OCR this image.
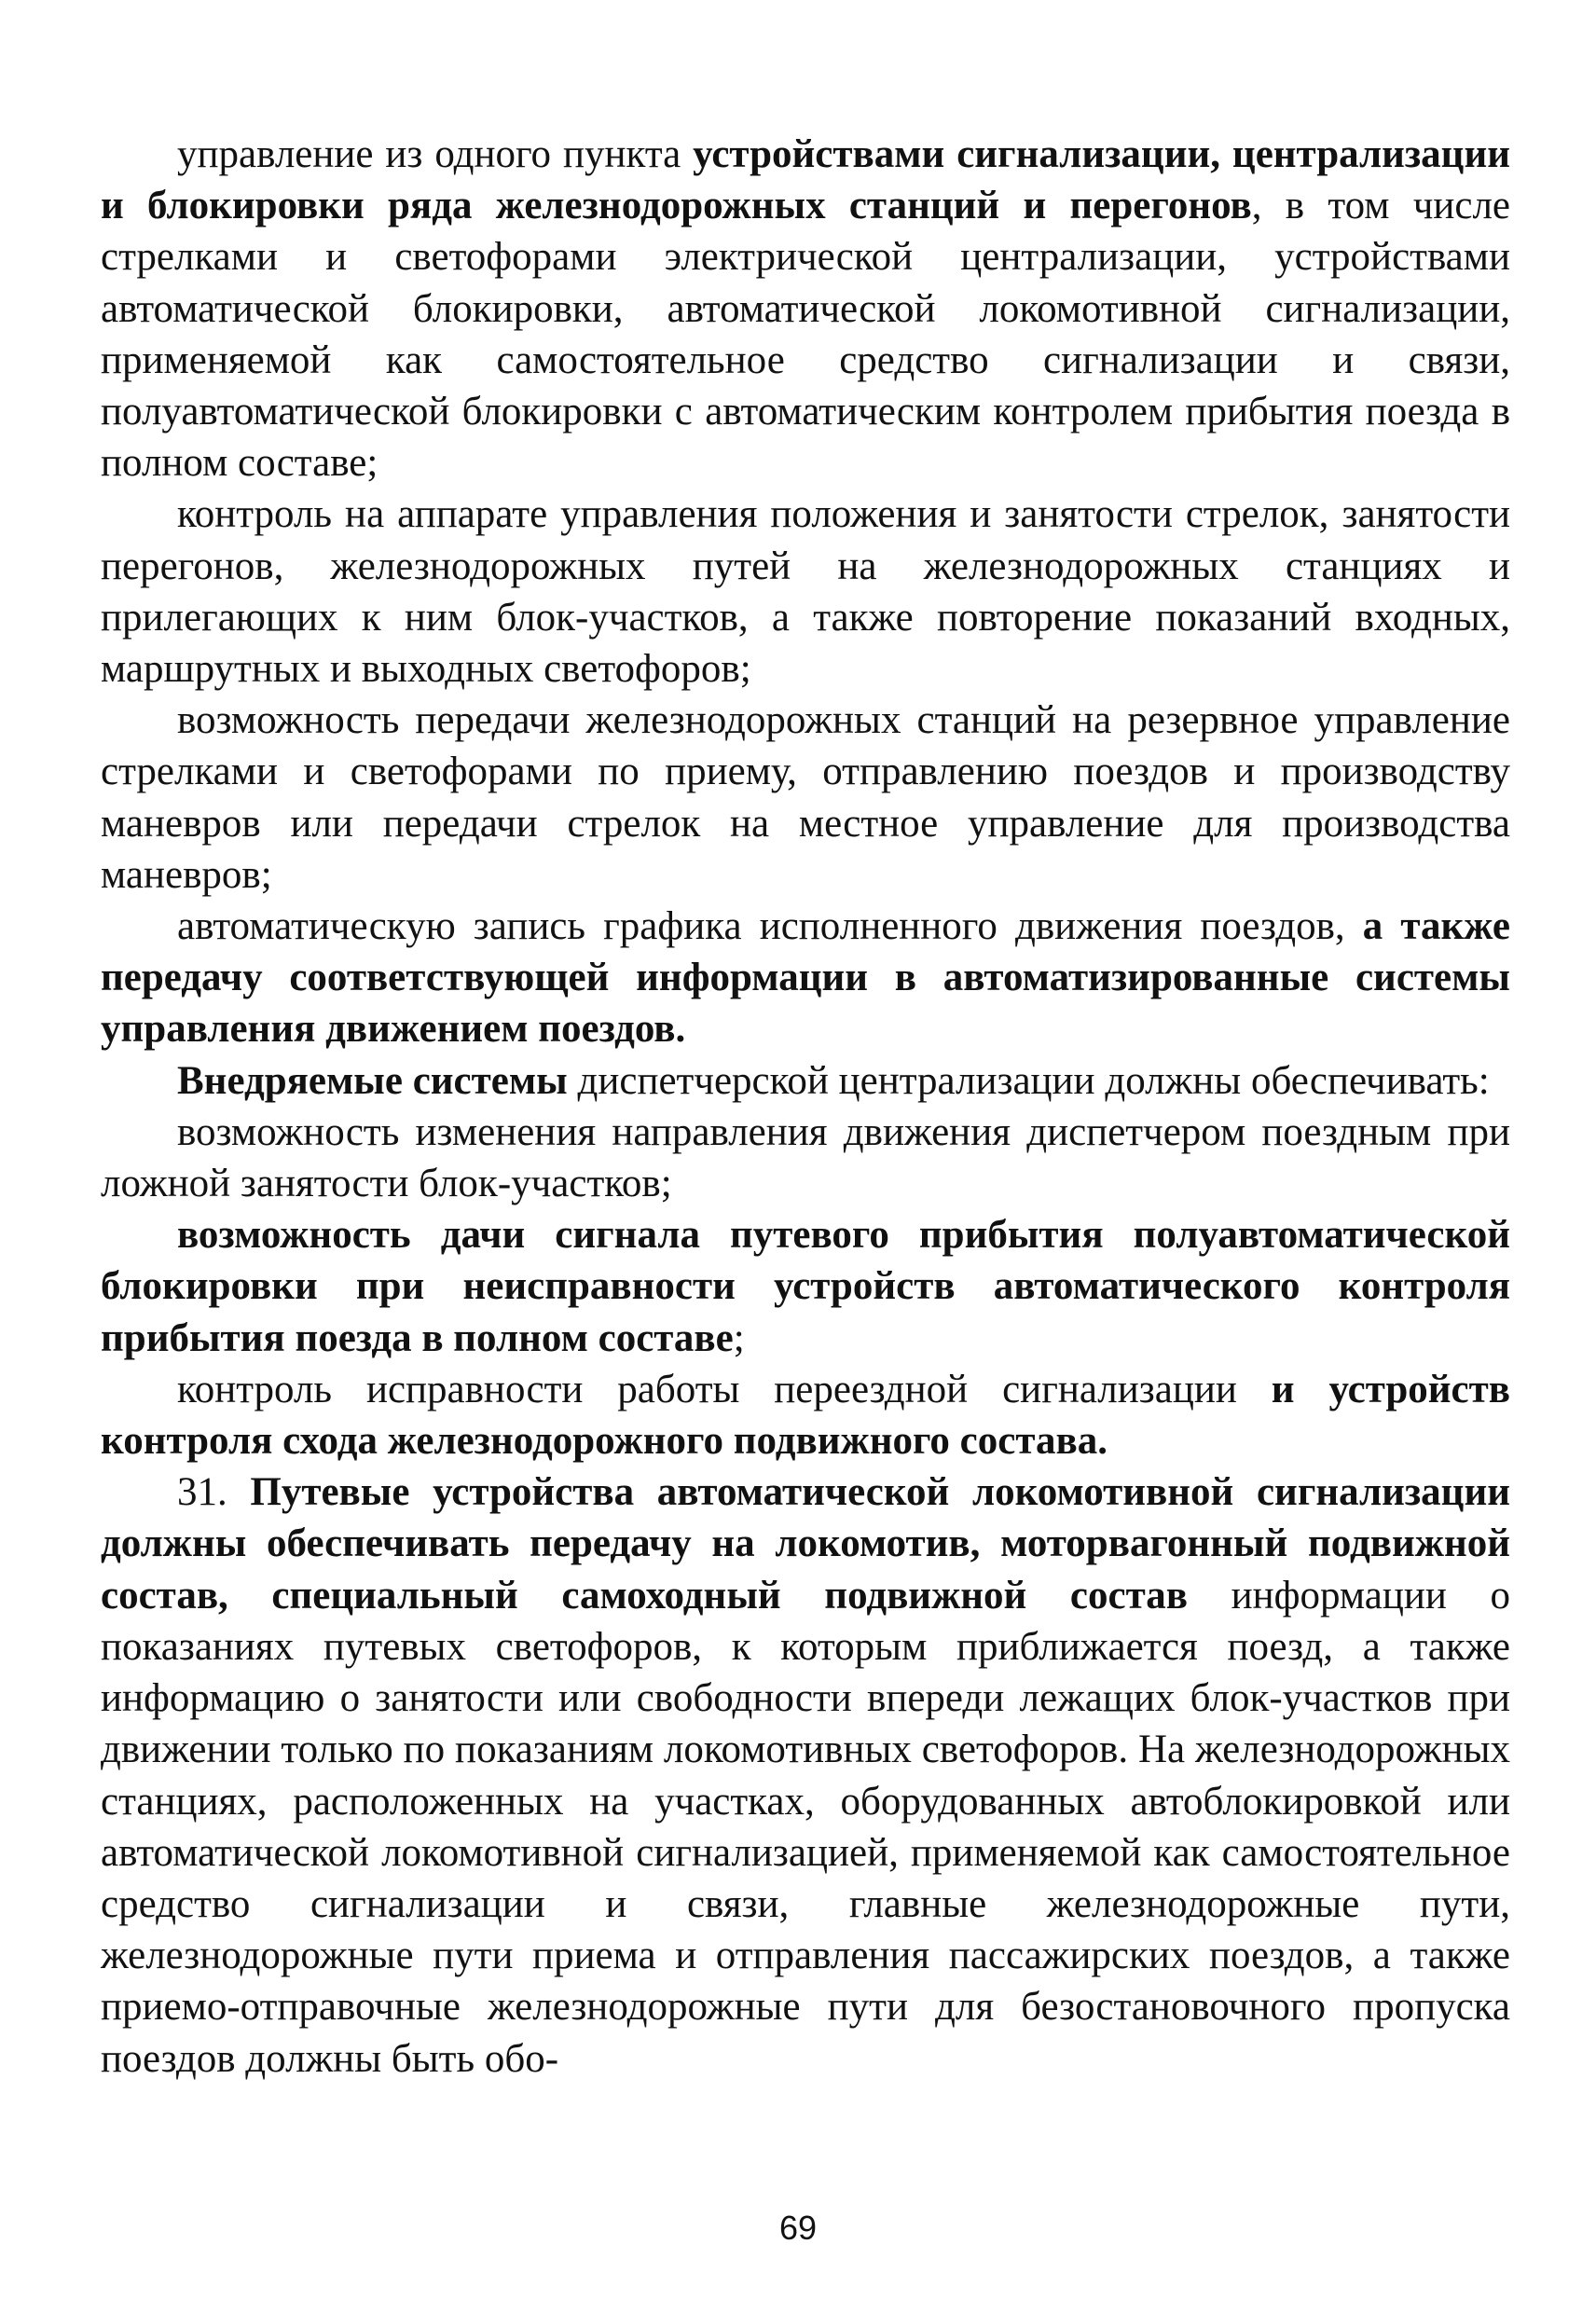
управление из одного пункта устройствами сигнализации, централизации и блокировки ряда железнодорожных станций и перегонов, в том числе стрелками и светофорами электрической централизации, устройствами автоматической блокировки, автоматической локомотивной сигнализации, применяемой как самостоятельное средство сигнализации и связи, полуавтоматической блокировки с автоматическим контролем прибытия поезда в полном составе;

контроль на аппарате управления положения и занятости стрелок, занятости перегонов, железнодорожных путей на железнодорожных станциях и прилегающих к ним блок-участков, а также повторение показаний входных, маршрутных и выходных светофоров;

возможность передачи железнодорожных станций на резервное управление стрелками и светофорами по приему, отправлению поездов и производству маневров или передачи стрелок на местное управление для производства маневров;

автоматическую запись графика исполненного движения поездов, а также передачу соответствующей информации в автоматизированные системы управления движением поездов.

Внедряемые системы диспетчерской централизации должны обеспечивать:

возможность изменения направления движения диспетчером поездным при ложной занятости блок-участков;

возможность дачи сигнала путевого прибытия полуавтоматической блокировки при неисправности устройств автоматического контроля прибытия поезда в полном составе;

контроль исправности работы переездной сигнализации и устройств контроля схода железнодорожного подвижного состава.

31. Путевые устройства автоматической локомотивной сигнализации должны обеспечивать передачу на локомотив, моторвагонный подвижной состав, специальный самоходный подвижной состав информации о показаниях путевых светофоров, к которым приближается поезд, а также информацию о занятости или свободности впереди лежащих блок-участков при движении только по показаниям локомотивных светофоров. На железнодорожных станциях, расположенных на участках, оборудованных автоблокировкой или автоматической локомотивной сигнализацией, применяемой как самостоятельное средство сигнализации и связи, главные железнодорожные пути, железнодорожные пути приема и отправления пассажирских поездов, а также приемо-отправочные железнодорожные пути для безостановочного пропуска поездов должны быть обо-

69
